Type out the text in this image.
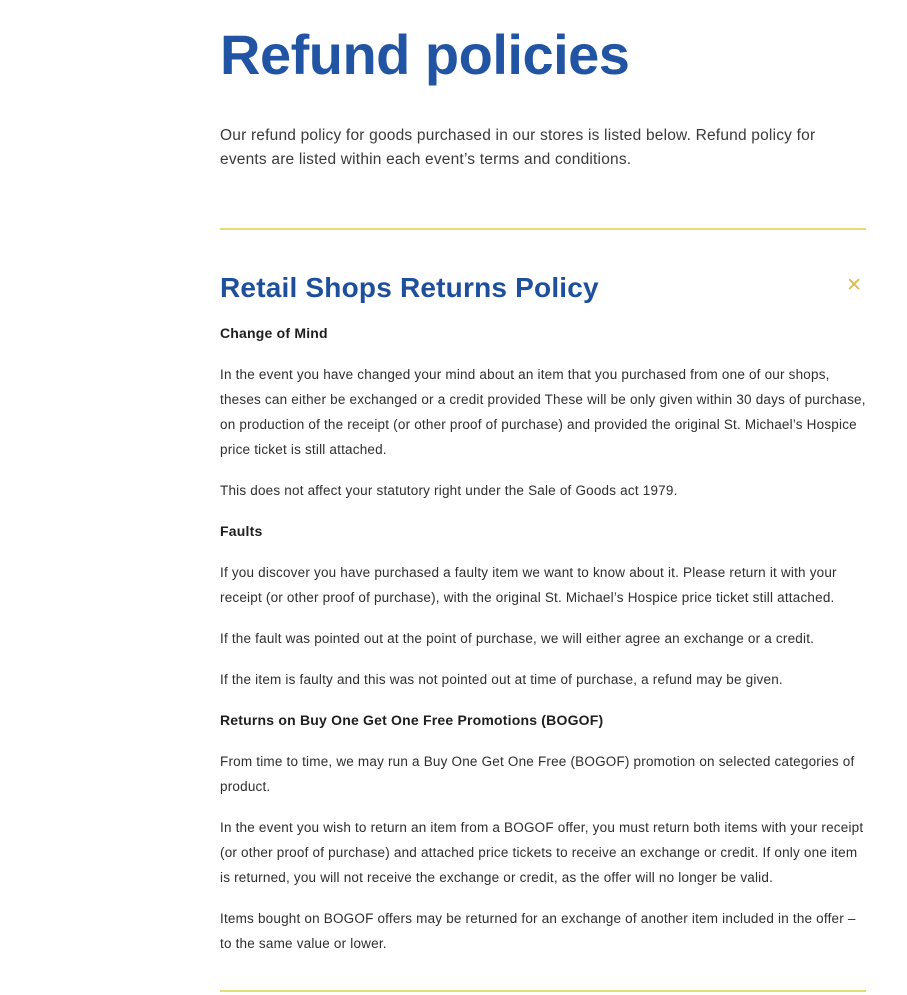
Refund policies

Our refund policy for goods purchased in our stores is listed below. Refund policy for events are listed within each event’s terms and conditions.

Retail Shops Returns Policy	✕
Change of Mind

In the event you have changed your mind about an item that you purchased from one of our shops, theses can either be exchanged or a credit provided These will be only given within 30 days of purchase, on production of the receipt (or other proof of purchase) and provided the original St. Michael’s Hospice price ticket is still attached.

This does not affect your statutory right under the Sale of Goods act 1979.

Faults

If you discover you have purchased a faulty item we want to know about it. Please return it with your receipt (or other proof of purchase), with the original St. Michael’s Hospice price ticket still attached.

If the fault was pointed out at the point of purchase, we will either agree an exchange or a credit.

If the item is faulty and this was not pointed out at time of purchase, a refund may be given.

Returns on Buy One Get One Free Promotions (BOGOF)

From time to time, we may run a Buy One Get One Free (BOGOF) promotion on selected categories of product.

In the event you wish to return an item from a BOGOF offer, you must return both items with your receipt (or other proof of purchase) and attached price tickets to receive an exchange or credit. If only one item is returned, you will not receive the exchange or credit, as the offer will no longer be valid.

Items bought on BOGOF offers may be returned for an exchange of another item included in the offer – to the same value or lower.
